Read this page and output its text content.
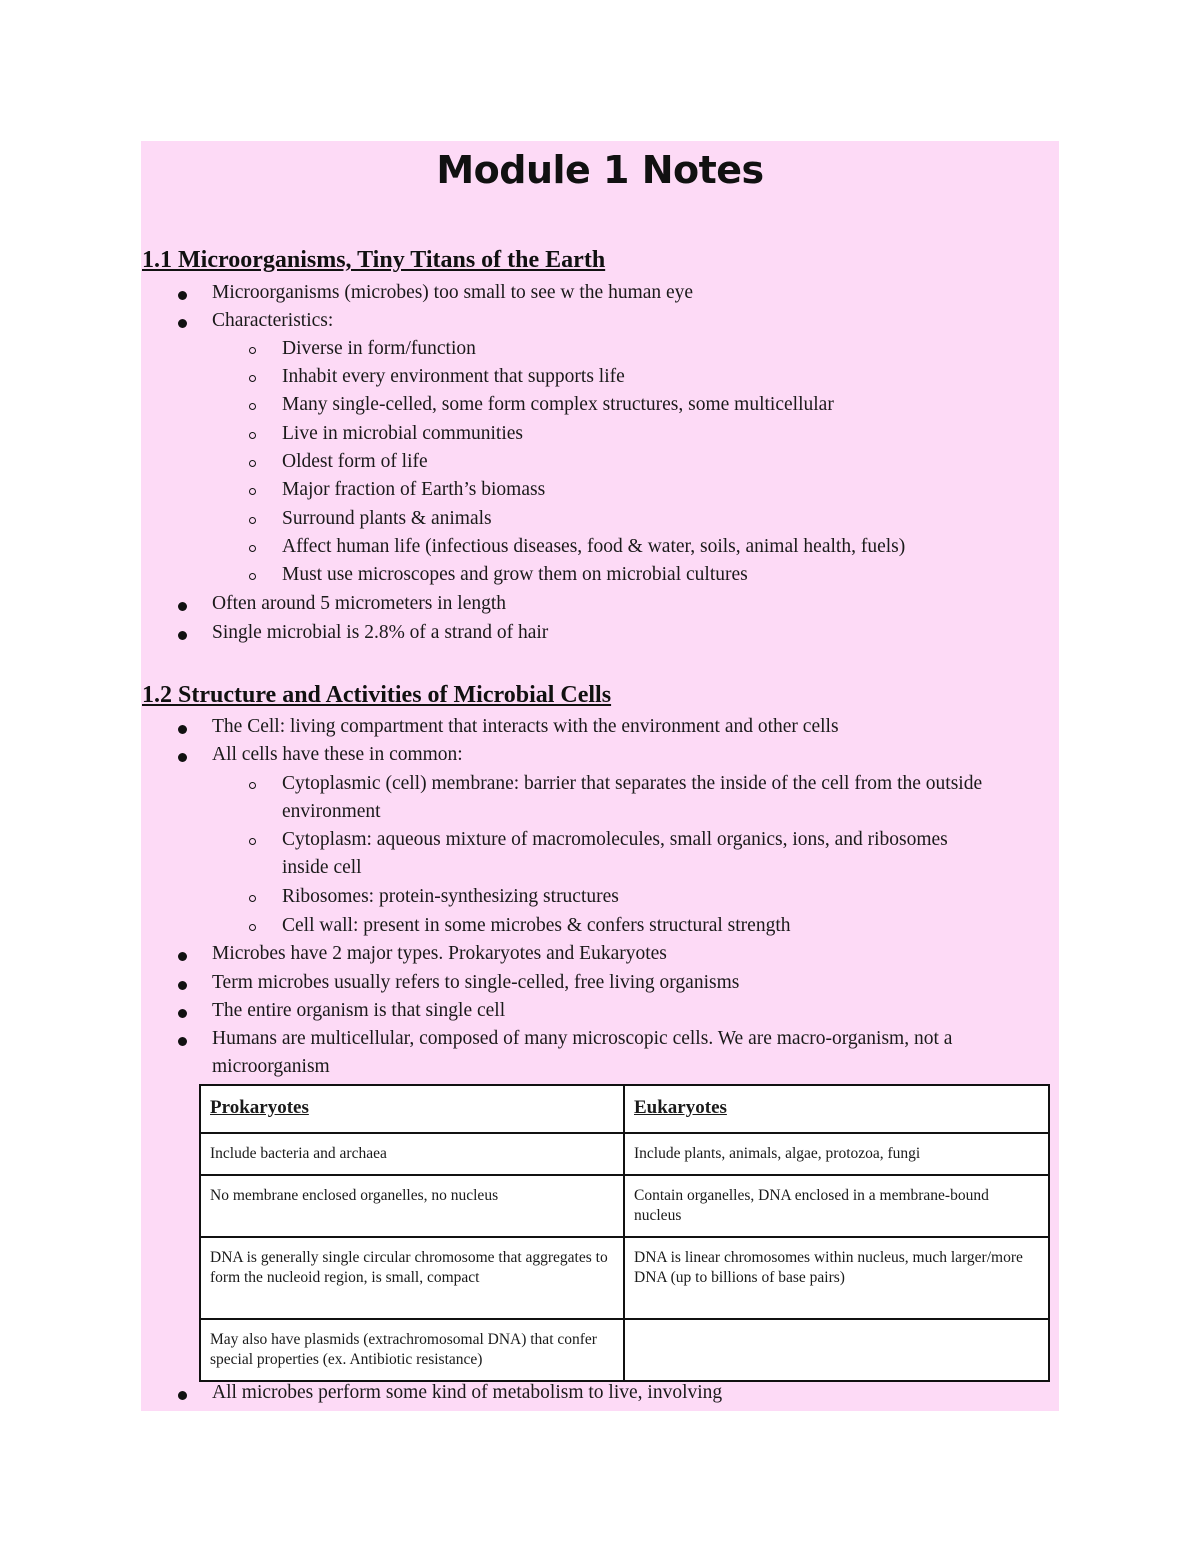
Module 1 Notes
1.1 Microorganisms, Tiny Titans of the Earth
Microorganisms (microbes) too small to see w the human eye
Characteristics:
Diverse in form/function
Inhabit every environment that supports life
Many single-celled, some form complex structures, some multicellular
Live in microbial communities
Oldest form of life
Major fraction of Earth’s biomass
Surround plants & animals
Affect human life (infectious diseases, food & water, soils, animal health, fuels)
Must use microscopes and grow them on microbial cultures
Often around 5 micrometers in length
Single microbial is 2.8% of a strand of hair
1.2 Structure and Activities of Microbial Cells
The Cell: living compartment that interacts with the environment and other cells
All cells have these in common:
Cytoplasmic (cell) membrane: barrier that separates the inside of the cell from the outside
environment
Cytoplasm: aqueous mixture of macromolecules, small organics, ions, and ribosomes
inside cell
Ribosomes: protein-synthesizing structures
Cell wall: present in some microbes & confers structural strength
Microbes have 2 major types. Prokaryotes and Eukaryotes
Term microbes usually refers to single-celled, free living organisms
The entire organism is that single cell
Humans are multicellular, composed of many microscopic cells. We are macro-organism, not a
microorganism
Prokaryotes	Eukaryotes
Include bacteria and archaea	Include plants, animals, algae, protozoa, fungi
No membrane enclosed organelles, no nucleus	Contain organelles, DNA enclosed in a membrane-bound nucleus
DNA is generally single circular chromosome that aggregates to form the nucleoid region, is small, compact	DNA is linear chromosomes within nucleus, much larger/more DNA (up to billions of base pairs)
May also have plasmids (extrachromosomal DNA) that confer special properties (ex. Antibiotic resistance)	
All microbes perform some kind of metabolism to live, involving
